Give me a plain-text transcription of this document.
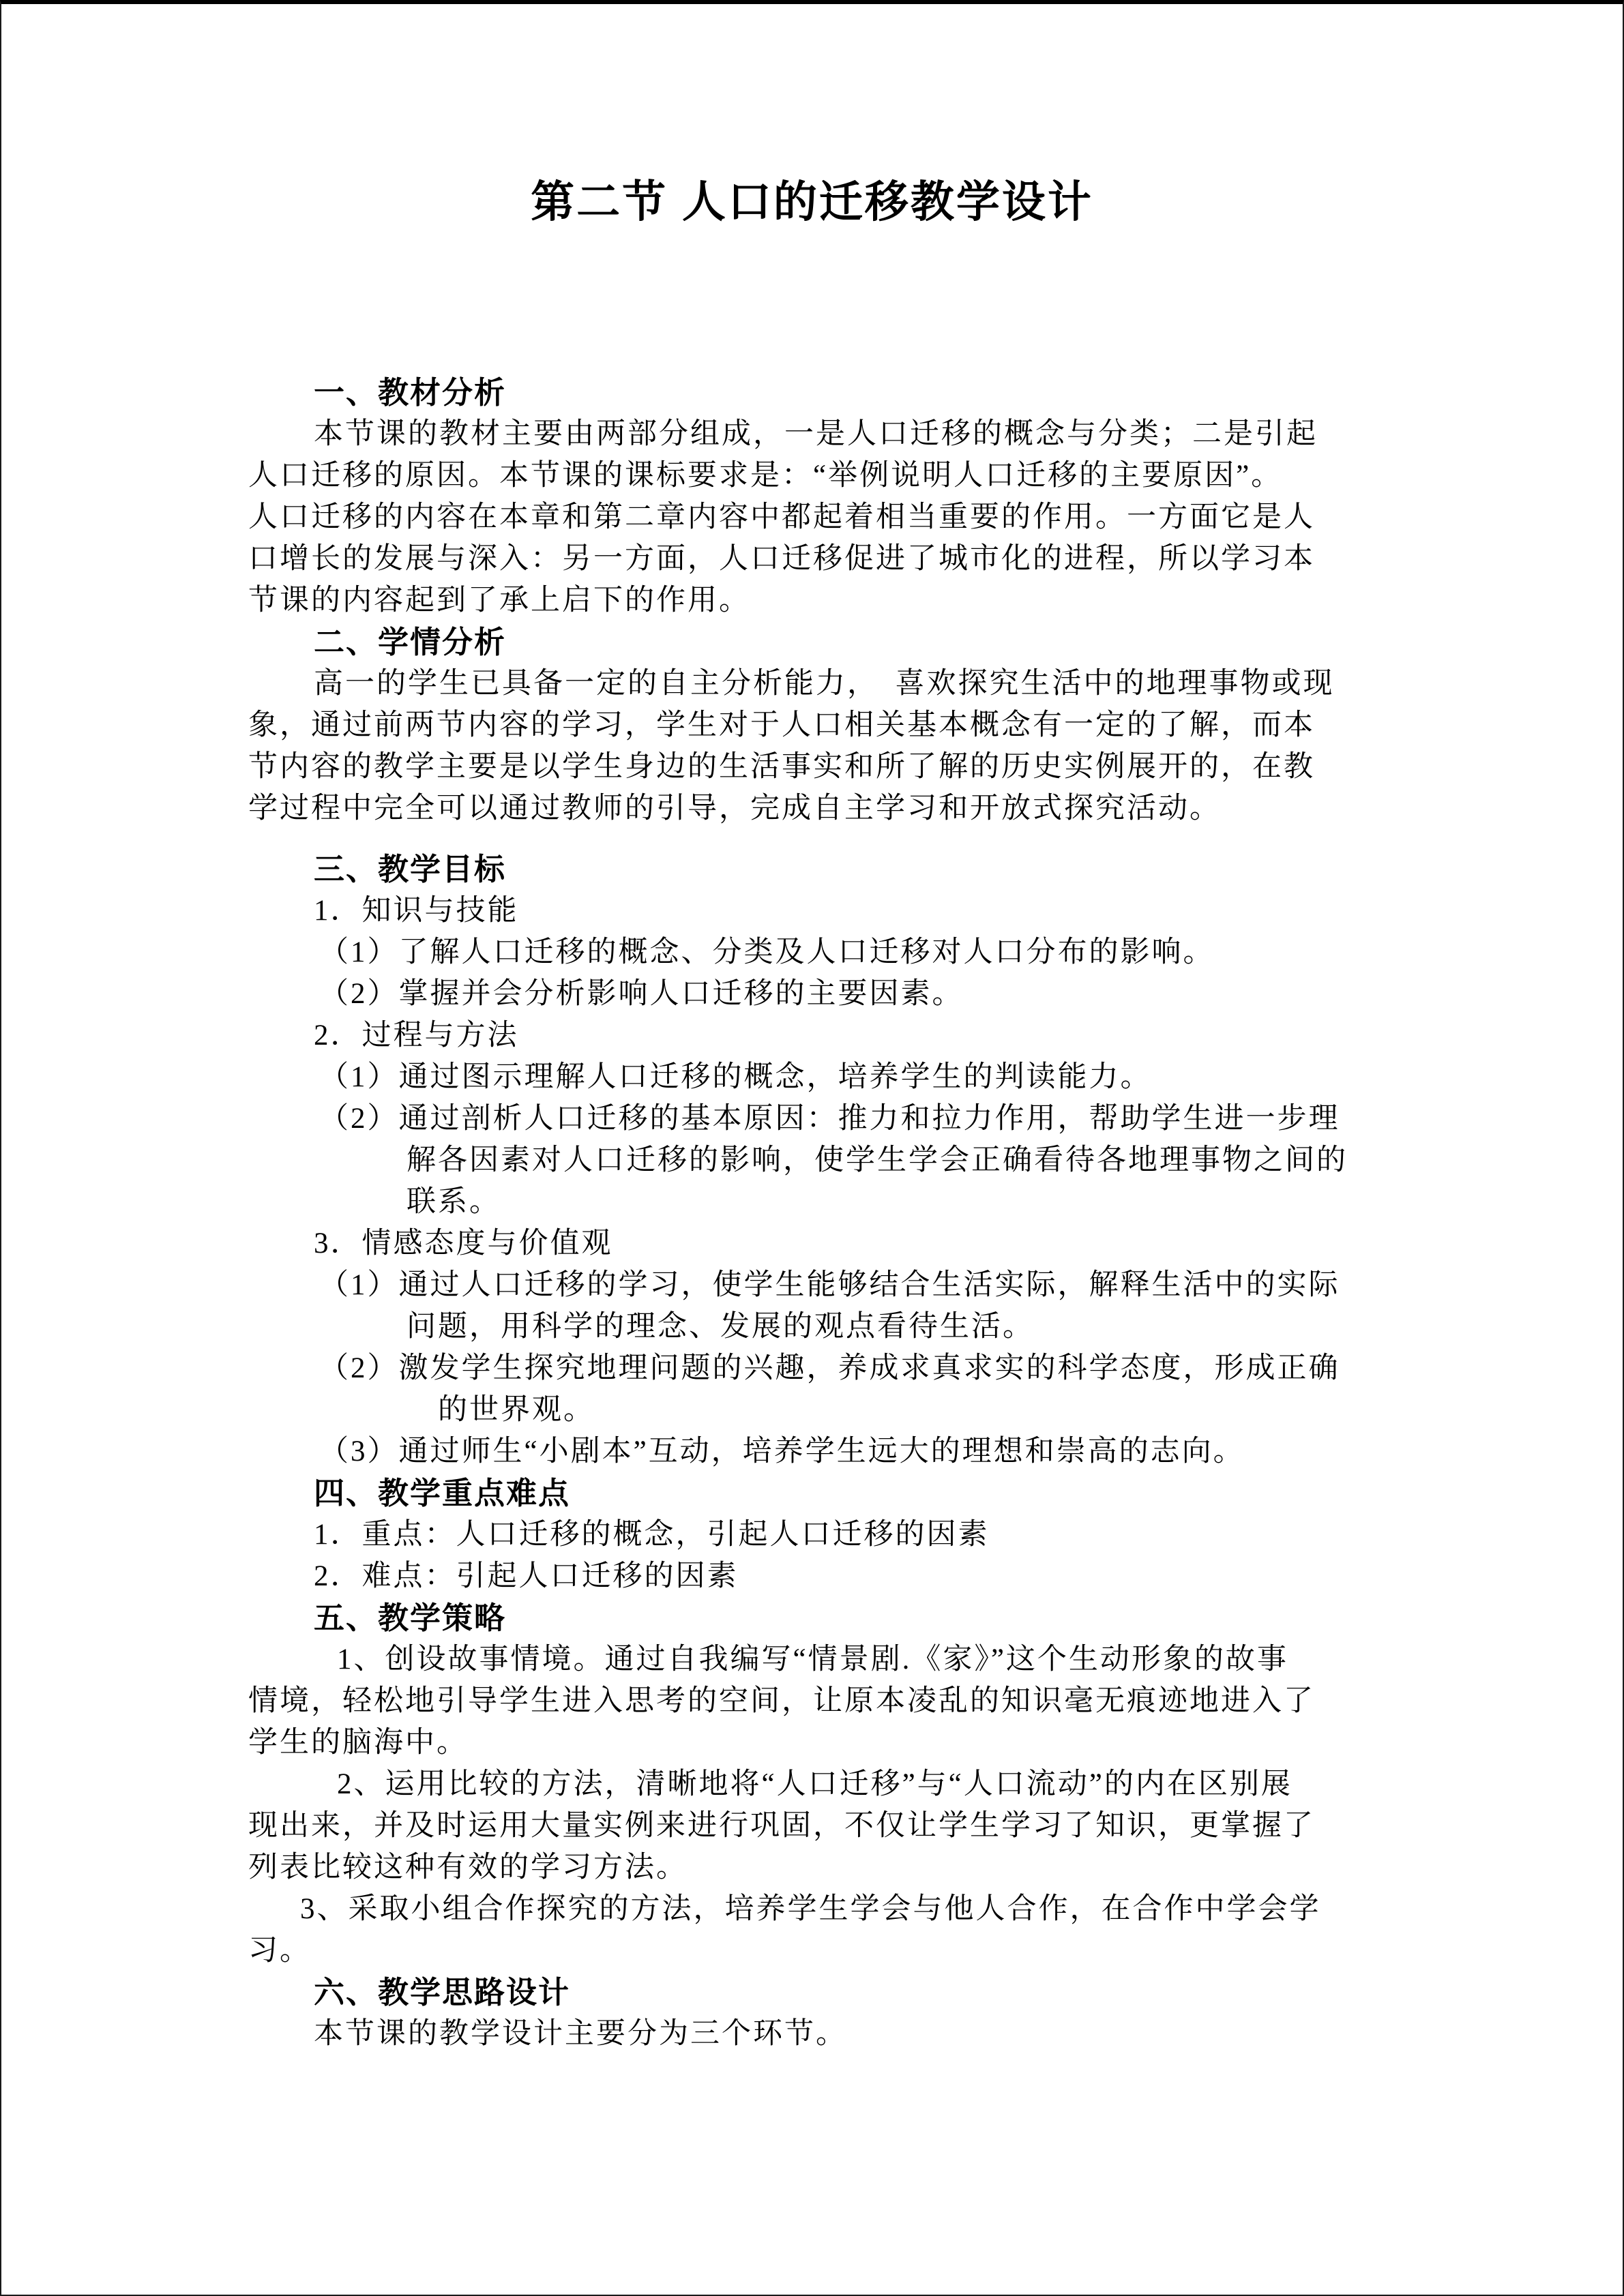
第二节 人口的迁移教学设计
一、教材分析
本节课的教材主要由两部分组成，一是人口迁移的概念与分类；二是引起
人口迁移的原因。本节课的课标要求是：“举例说明人口迁移的主要原因”。
人口迁移的内容在本章和第二章内容中都起着相当重要的作用。一方面它是人
口增长的发展与深入：另一方面，人口迁移促进了城市化的进程，所以学习本
节课的内容起到了承上启下的作用。
二、学情分析
高一的学生已具备一定的自主分析能力，　喜欢探究生活中的地理事物或现
象，通过前两节内容的学习，学生对于人口相关基本概念有一定的了解，而本
节内容的教学主要是以学生身边的生活事实和所了解的历史实例展开的，在教
学过程中完全可以通过教师的引导，完成自主学习和开放式探究活动。
三、教学目标
1．知识与技能
（1）了解人口迁移的概念、分类及人口迁移对人口分布的影响。
（2）掌握并会分析影响人口迁移的主要因素。
2．过程与方法
（1）通过图示理解人口迁移的概念，培养学生的判读能力。
（2）通过剖析人口迁移的基本原因：推力和拉力作用，帮助学生进一步理
解各因素对人口迁移的影响，使学生学会正确看待各地理事物之间的
联系。
3．情感态度与价值观
（1）通过人口迁移的学习，使学生能够结合生活实际，解释生活中的实际
问题，用科学的理念、发展的观点看待生活。
（2）激发学生探究地理问题的兴趣，养成求真求实的科学态度，形成正确
的世界观。
（3）通过师生“小剧本”互动，培养学生远大的理想和崇高的志向。
四、教学重点难点
1．重点：人口迁移的概念，引起人口迁移的因素
2．难点：引起人口迁移的因素
五、教学策略
1、创设故事情境。通过自我编写“情景剧.《家》”这个生动形象的故事
情境，轻松地引导学生进入思考的空间，让原本凌乱的知识毫无痕迹地进入了
学生的脑海中。
2、运用比较的方法，清晰地将“人口迁移”与“人口流动”的内在区别展
现出来，并及时运用大量实例来进行巩固，不仅让学生学习了知识，更掌握了
列表比较这种有效的学习方法。
3、采取小组合作探究的方法，培养学生学会与他人合作，在合作中学会学
习。
六、教学思路设计
本节课的教学设计主要分为三个环节。
